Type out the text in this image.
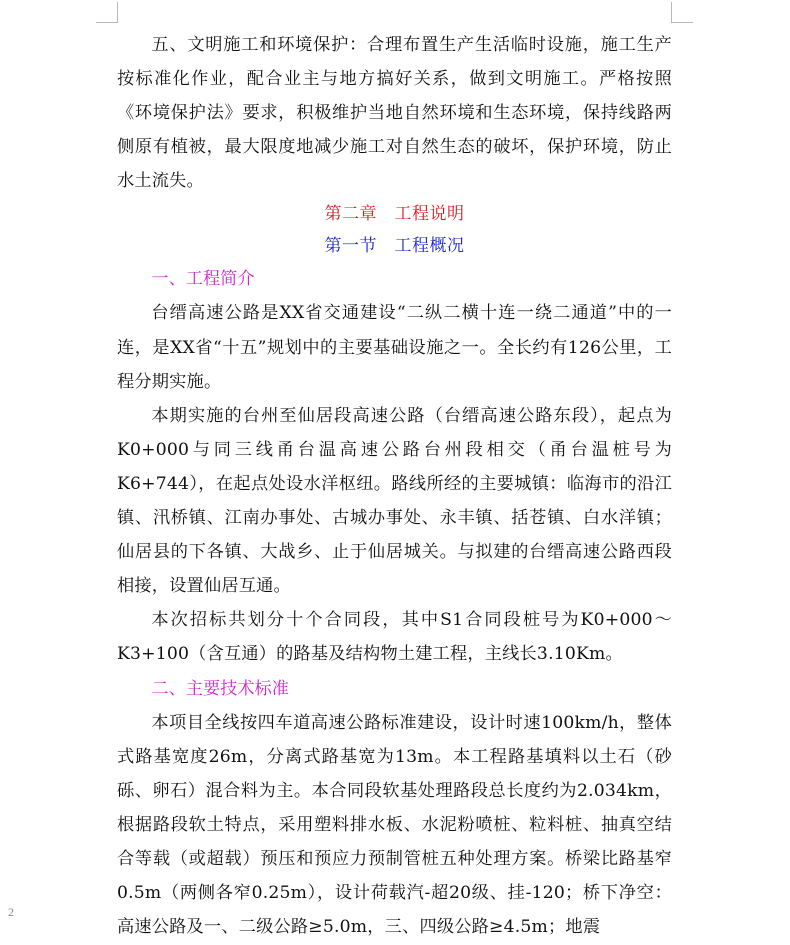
五、文明施工和环境保护：合理布置生产生活临时设施，施工生产按标准化作业，配合业主与地方搞好关系，做到文明施工。严格按照《环境保护法》要求，积极维护当地自然环境和生态环境，保持线路两侧原有植被，最大限度地减少施工对自然生态的破坏，保护环境，防止水土流失。

第二章　工程说明

第一节　工程概况

一、工程简介

台缙高速公路是XX省交通建设“二纵二横十连一绕二通道”中的一连，是XX省“十五”规划中的主要基础设施之一。全长约有126公里，工程分期实施。

本期实施的台州至仙居段高速公路（台缙高速公路东段），起点为K0+000与同三线甬台温高速公路台州段相交（甬台温桩号为K6+744），在起点处设水洋枢纽。路线所经的主要城镇：临海市的沿江镇、汛桥镇、江南办事处、古城办事处、永丰镇、括苍镇、白水洋镇；仙居县的下各镇、大战乡、止于仙居城关。与拟建的台缙高速公路西段相接，设置仙居互通。

本次招标共划分十个合同段，其中S1合同段桩号为K0+000～K3+100（含互通）的路基及结构物土建工程，主线长3.10Km。

二、主要技术标准

本项目全线按四车道高速公路标准建设，设计时速100km/h，整体式路基宽度26m，分离式路基宽为13m。本工程路基填料以土石（砂砾、卵石）混合料为主。本合同段软基处理路段总长度约为2.034km，根据路段软土特点，采用塑料排水板、水泥粉喷桩、粒料桩、抽真空结合等载（或超载）预压和预应力预制管桩五种处理方案。桥梁比路基窄0.5m（两侧各窄0.25m），设计荷载汽-超20级、挂-120；桥下净空：高速公路及一、二级公路≥5.0m，三、四级公路≥4.5m；地震

2
